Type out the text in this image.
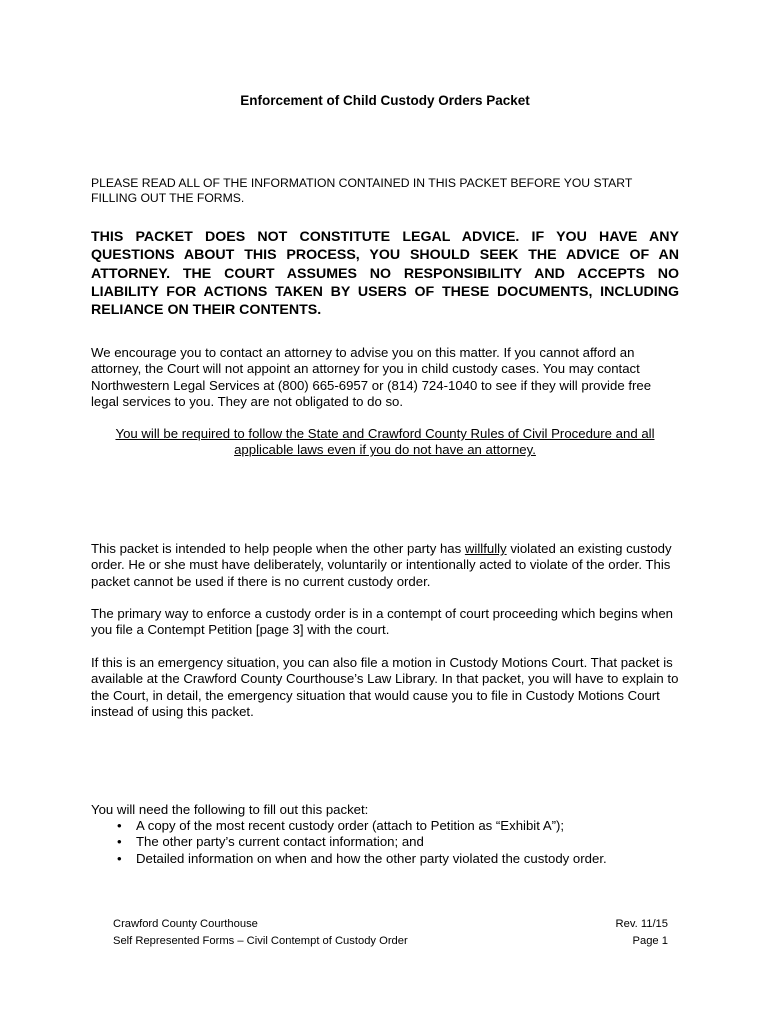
Enforcement of Child Custody Orders Packet
PLEASE READ ALL OF THE INFORMATION CONTAINED IN THIS PACKET BEFORE YOU START FILLING OUT THE FORMS.
THIS PACKET DOES NOT CONSTITUTE LEGAL ADVICE. IF YOU HAVE ANY QUESTIONS ABOUT THIS PROCESS, YOU SHOULD SEEK THE ADVICE OF AN ATTORNEY. THE COURT ASSUMES NO RESPONSIBILITY AND ACCEPTS NO LIABILITY FOR ACTIONS TAKEN BY USERS OF THESE DOCUMENTS, INCLUDING RELIANCE ON THEIR CONTENTS.
We encourage you to contact an attorney to advise you on this matter. If you cannot afford an attorney, the Court will not appoint an attorney for you in child custody cases. You may contact Northwestern Legal Services at (800) 665-6957 or (814) 724-1040 to see if they will provide free legal services to you. They are not obligated to do so.
You will be required to follow the State and Crawford County Rules of Civil Procedure and all applicable laws even if you do not have an attorney.
This packet is intended to help people when the other party has willfully violated an existing custody order. He or she must have deliberately, voluntarily or intentionally acted to violate of the order. This packet cannot be used if there is no current custody order.
The primary way to enforce a custody order is in a contempt of court proceeding which begins when you file a Contempt Petition [page 3] with the court.
If this is an emergency situation, you can also file a motion in Custody Motions Court. That packet is available at the Crawford County Courthouse’s Law Library. In that packet, you will have to explain to the Court, in detail, the emergency situation that would cause you to file in Custody Motions Court instead of using this packet.
You will need the following to fill out this packet:
• A copy of the most recent custody order (attach to Petition as “Exhibit A”);
• The other party’s current contact information; and
• Detailed information on when and how the other party violated the custody order.
Crawford County Courthouse	Rev. 11/15
Self Represented Forms – Civil Contempt of Custody Order	Page 1
